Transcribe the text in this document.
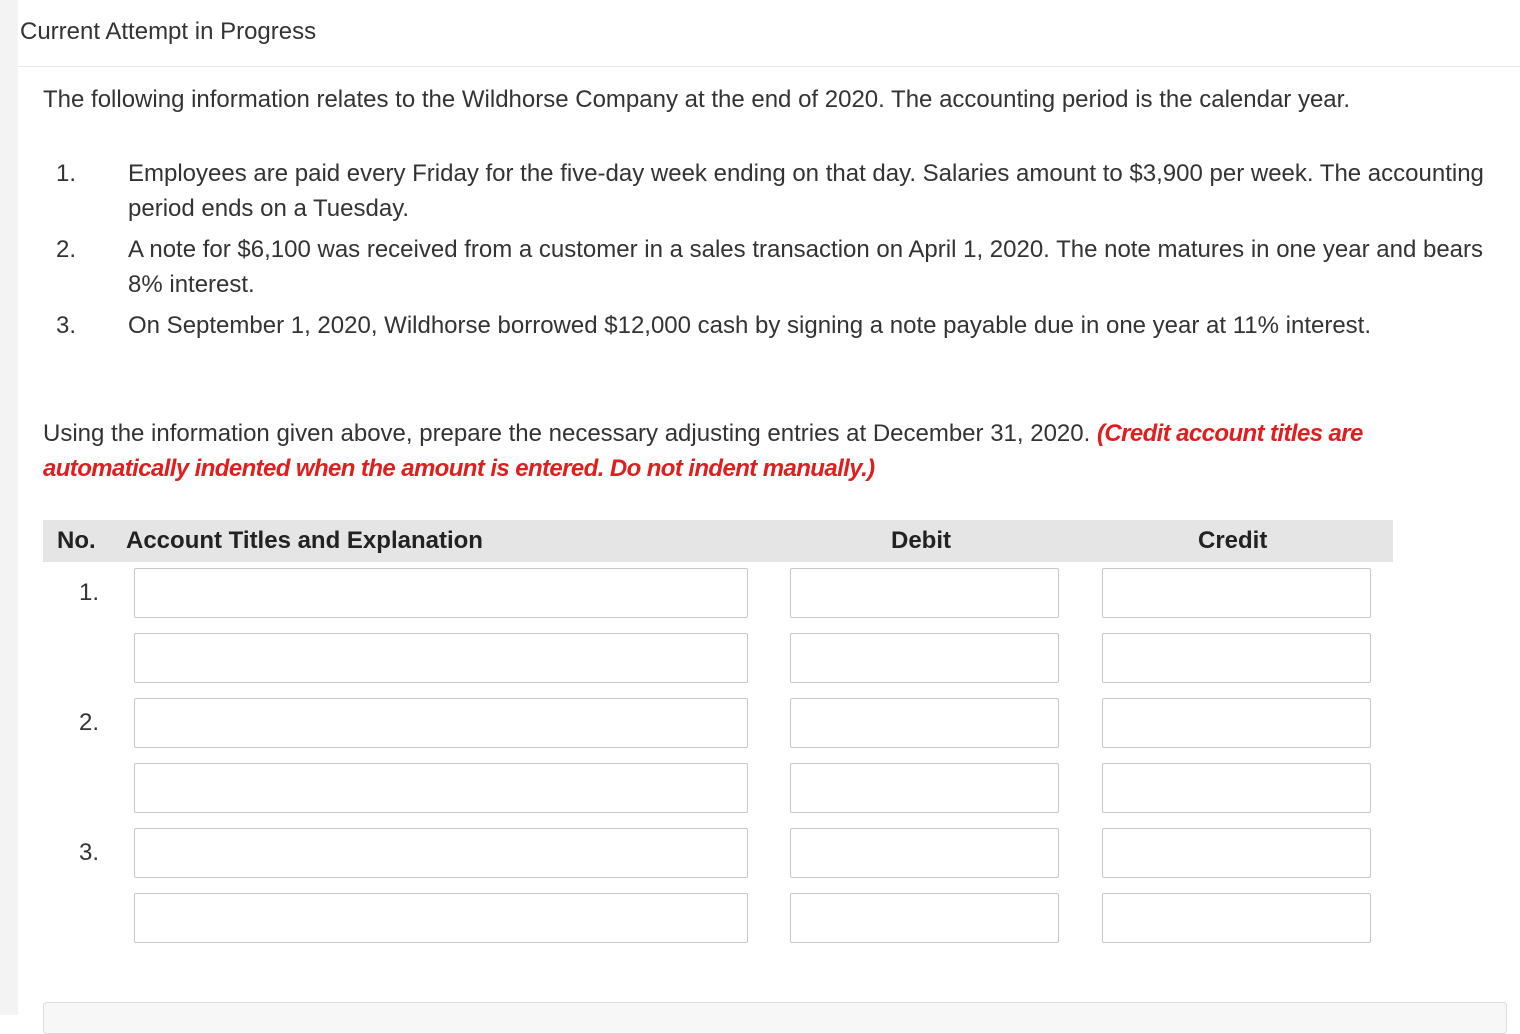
Current Attempt in Progress
The following information relates to the Wildhorse Company at the end of 2020. The accounting period is the calendar year.
1. Employees are paid every Friday for the five-day week ending on that day. Salaries amount to $3,900 per week. The accounting period ends on a Tuesday.
2. A note for $6,100 was received from a customer in a sales transaction on April 1, 2020. The note matures in one year and bears 8% interest.
3. On September 1, 2020, Wildhorse borrowed $12,000 cash by signing a note payable due in one year at 11% interest.
Using the information given above, prepare the necessary adjusting entries at December 31, 2020. (Credit account titles are automatically indented when the amount is entered. Do not indent manually.)
No. Account Titles and Explanation	Debit	Credit
1.
2.
3.
